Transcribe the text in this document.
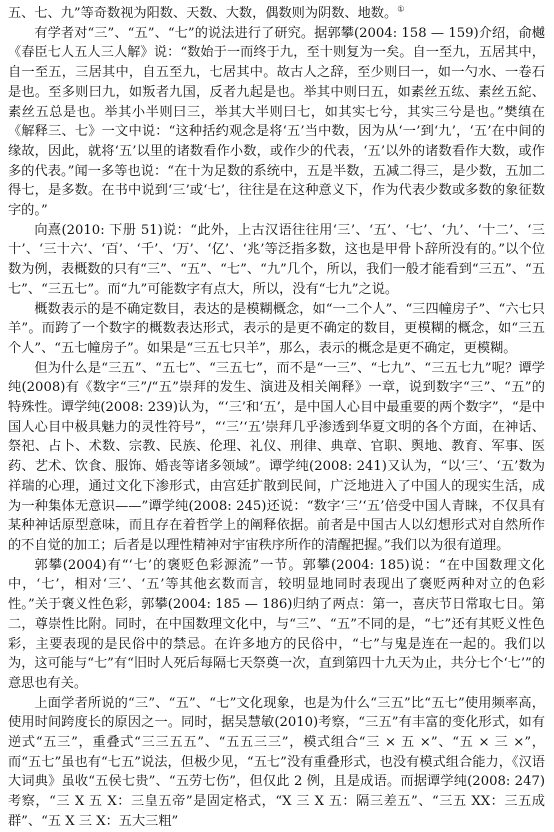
五、七、九”等奇数视为阳数、天数、大数，偶数则为阴数、地数。①

有学者对“三”、“五”、“七”的说法进行了研究。据郭攀(2004: 158 — 159)介绍，俞樾《春臣七人五人三人解》说：“数始于一而终于九，至十则复为一矣。自一至九，五居其中，自一至五，三居其中，自五至九，七居其中。故古人之辞，至少则曰一，如一勺水、一卷石是也。至多则曰九，如叛者九国，反者九起是也。举其中则曰五，如素丝五纮、素丝五紽、素丝五总是也。举其小半则曰三，举其大半则曰七，如其实七兮，其实三兮是也。”樊缜在《解释三、七》一文中说：“这种括约观念是将‘五’当中数，因为从‘一’到‘九’，‘五’在中间的缘故，因此，就将‘五’以里的诸数看作小数，或作少的代表，‘五’以外的诸数看作大数，或作多的代表。”闻一多等也说：“在十为足数的系统中，五是半数，五减二得三，是少数，五加二得七，是多数。在书中说到‘三’或‘七’，往往是在这种意义下，作为代表少数或多数的象征数字的。”

向熹(2010: 下册 51)说：“此外，上古汉语往往用‘三’、‘五’、‘七’、‘九’、‘十二’、‘三十’、‘三十六’、‘百’、‘千’、‘万’、‘亿’、‘兆’等泛指多数，这也是甲骨卜辞所没有的。”以个位数为例，表概数的只有“三”、“五”、“七”、“九”几个，所以，我们一般才能看到“三五”、“五七”、“三五七”。而“九”可能数字有点大，所以，没有“七九”之说。

概数表示的是不确定数目，表达的是模糊概念，如“一二个人”、“三四幢房子”、“六七只羊”。而跨了一个数字的概数表达形式，表示的是更不确定的数目，更模糊的概念，如“三五个人”、“五七幢房子”。如果是“三五七只羊”，那么，表示的概念是更不确定，更模糊。

但为什么是“三五”、“五七”、“三五七”，而不是“一三”、“七九”、“三五七九”呢？谭学纯(2008)有《数字“三”/“五”崇拜的发生、演进及相关阐释》一章，说到数字“三”、“五”的特殊性。谭学纯(2008: 239)认为，“‘三’和‘五’，是中国人心目中最重要的两个数字”，“是中国人心目中极具魅力的灵性符号”，“‘三’‘五’崇拜几乎渗透到华夏文明的各个方面，在神话、祭祀、占卜、术数、宗教、民族、伦理、礼仪、刑律、典章、官职、舆地、教育、军事、医药、艺术、饮食、服饰、婚丧等诸多领域”。谭学纯(2008: 241)又认为，“以‘三’、‘五’数为祥瑞的心理，通过文化下渗形式，由宫廷扩散到民间，广泛地进入了中国人的现实生活，成为一种集体无意识——”谭学纯(2008: 245)还说：“数字‘三’‘五’倍受中国人青睐，不仅具有某种神话原型意味，而且存在着哲学上的阐释依据。前者是中国古人以幻想形式对自然所作的不自觉的加工；后者是以理性精神对宇宙秩序所作的清醒把握。”我们以为很有道理。

郭攀(2004)有“‘七’的褒贬色彩源流”一节。郭攀(2004: 185)说：“在中国数理文化中，‘七’，相对‘三’、‘五’等其他玄数而言，较明显地同时表现出了褒贬两种对立的色彩性。”关于褒义性色彩，郭攀(2004: 185 — 186)归纳了两点：第一，喜庆节日常取七日。第二，尊崇性比附。同时，在中国数理文化中，与“三”、“五”不同的是，“七”还有其贬义性色彩，主要表现的是民俗中的禁忌。在许多地方的民俗中，“七”与鬼是连在一起的。我们以为，这可能与“七”有“旧时人死后每隔七天祭奠一次，直到第四十九天为止，共分七个‘七’”的意思也有关。

上面学者所说的“三”、“五”、“七”文化现象，也是为什么“三五”比“五七”使用频率高，使用时间跨度长的原因之一。同时，据吴慧敏(2010)考察，“三五”有丰富的变化形式，如有逆式“五三”，重叠式“三三五五”、“五五三三”，模式组合“三 × 五 ×”、“五 × 三 ×”，而“五七”虽也有“七五”说法，但极少见，“五七”没有重叠形式，也没有模式组合能力，《汉语大词典》虽收“五侯七贵”、“五劳七伤”，但仅此 2 例，且是成语。而据谭学纯(2008: 247)考察，“三 X 五 X：三皇五帝”是固定格式，“X 三 X 五：隔三差五”、“三五 XX：三五成群”、“五 X 三 X：五大三粗”
